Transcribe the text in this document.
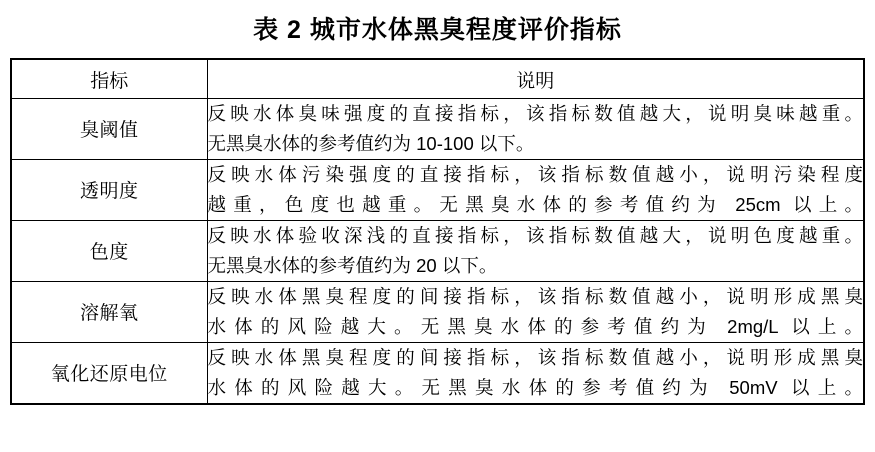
表 2 城市水体黑臭程度评价指标
指标	说明
臭阈值	反映水体臭味强度的直接指标，该指标数值越大，说明臭味越重。
无黑臭水体的参考值约为 10-100 以下。

透明度	反映水体污染强度的直接指标，该指标数值越小，说明污染程度
越重，色度也越重。无黑臭水体的参考值约为 25cm 以上。

色度	反映水体验收深浅的直接指标，该指标数值越大，说明色度越重。
无黑臭水体的参考值约为 20 以下。

溶解氧	反映水体黑臭程度的间接指标，该指标数值越小，说明形成黑臭
水体的风险越大。无黑臭水体的参考值约为 2mg/L 以上。

氧化还原电位	反映水体黑臭程度的间接指标，该指标数值越小，说明形成黑臭
水体的风险越大。无黑臭水体的参考值约为 50mV 以上。
